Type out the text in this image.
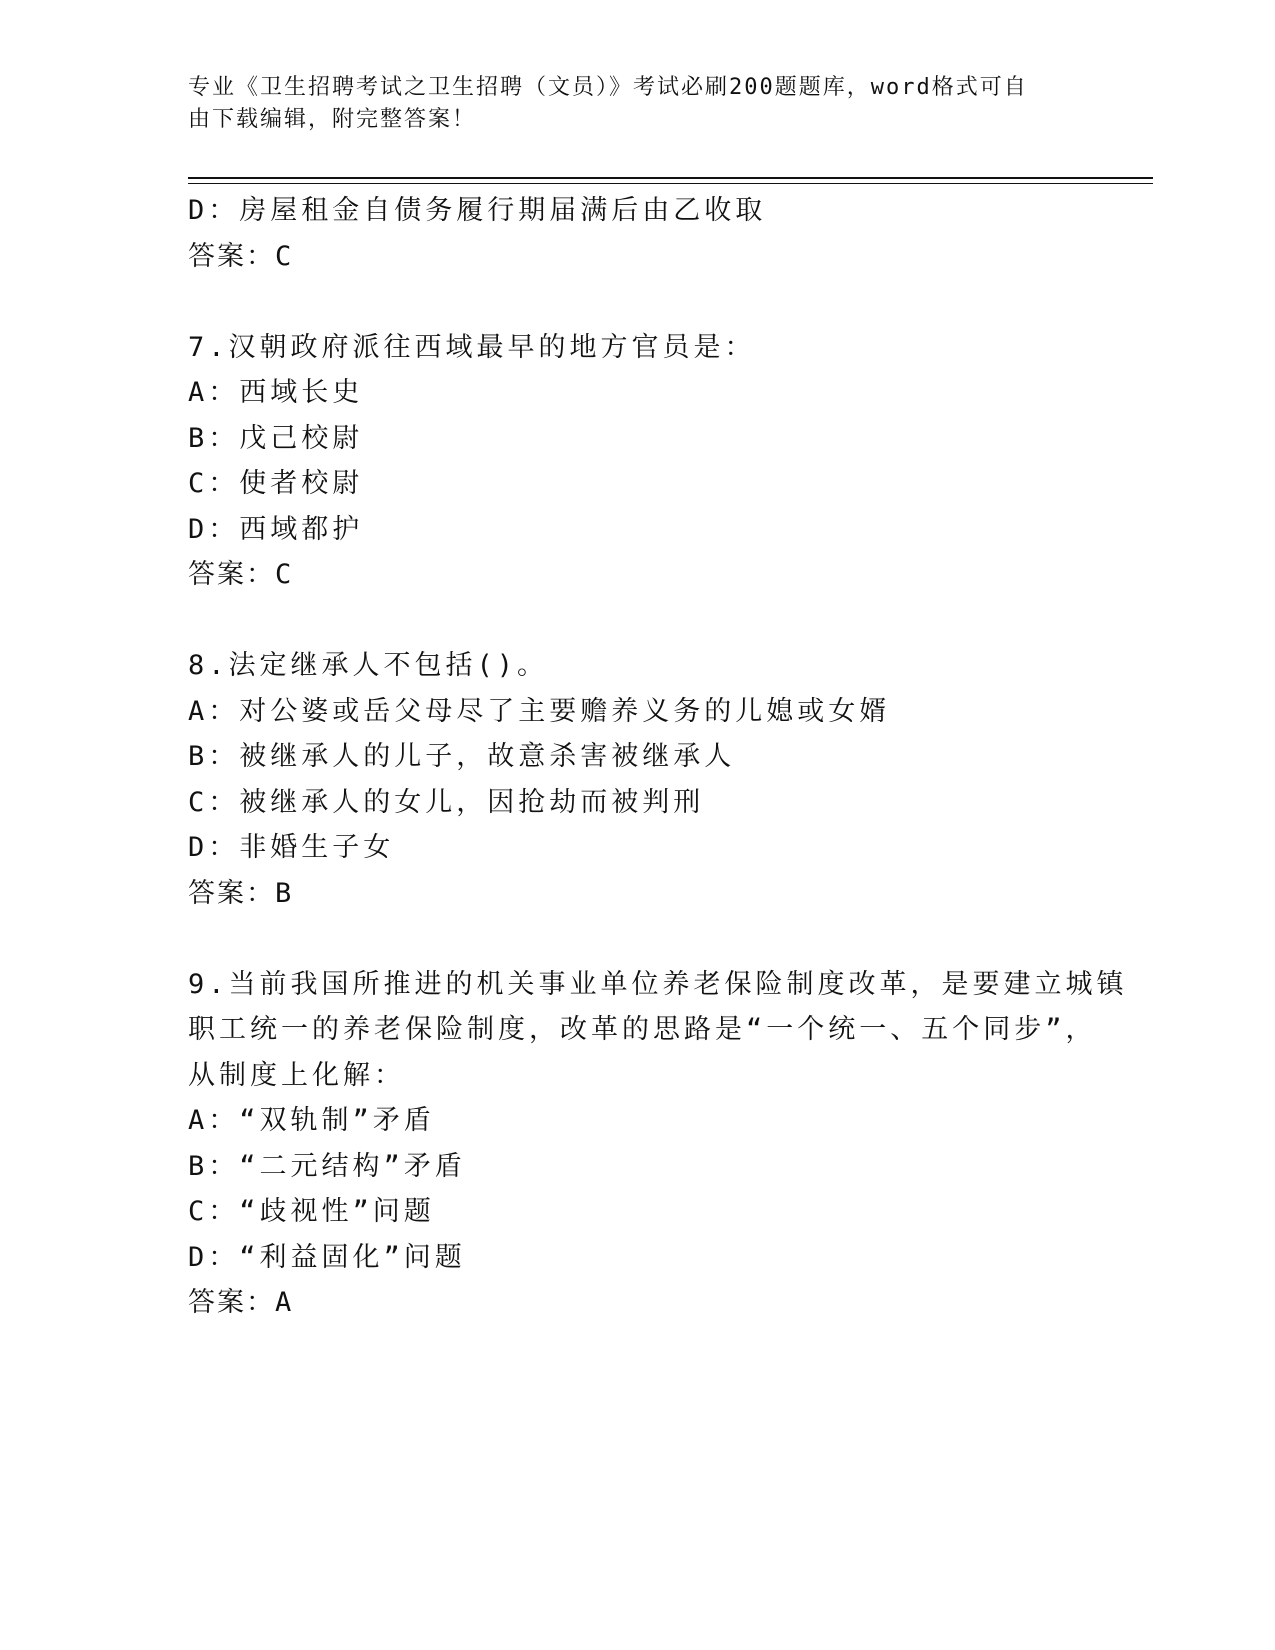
专业《卫生招聘考试之卫生招聘（文员）》考试必刷200题题库，word格式可自
由下载编辑，附完整答案！
D：房屋租金自债务履行期届满后由乙收取
答案：C
7.汉朝政府派往西域最早的地方官员是：
A：西域长史
B：戊己校尉
C：使者校尉
D：西域都护
答案：C
8.法定继承人不包括()。
A：对公婆或岳父母尽了主要赡养义务的儿媳或女婿
B：被继承人的儿子，故意杀害被继承人
C：被继承人的女儿，因抢劫而被判刑
D：非婚生子女
答案：B
9.当前我国所推进的机关事业单位养老保险制度改革，是要建立城镇
职工统一的养老保险制度，改革的思路是“一个统一、五个同步”，
从制度上化解：
A：“双轨制”矛盾
B：“二元结构”矛盾
C：“歧视性”问题
D：“利益固化”问题
答案：A
